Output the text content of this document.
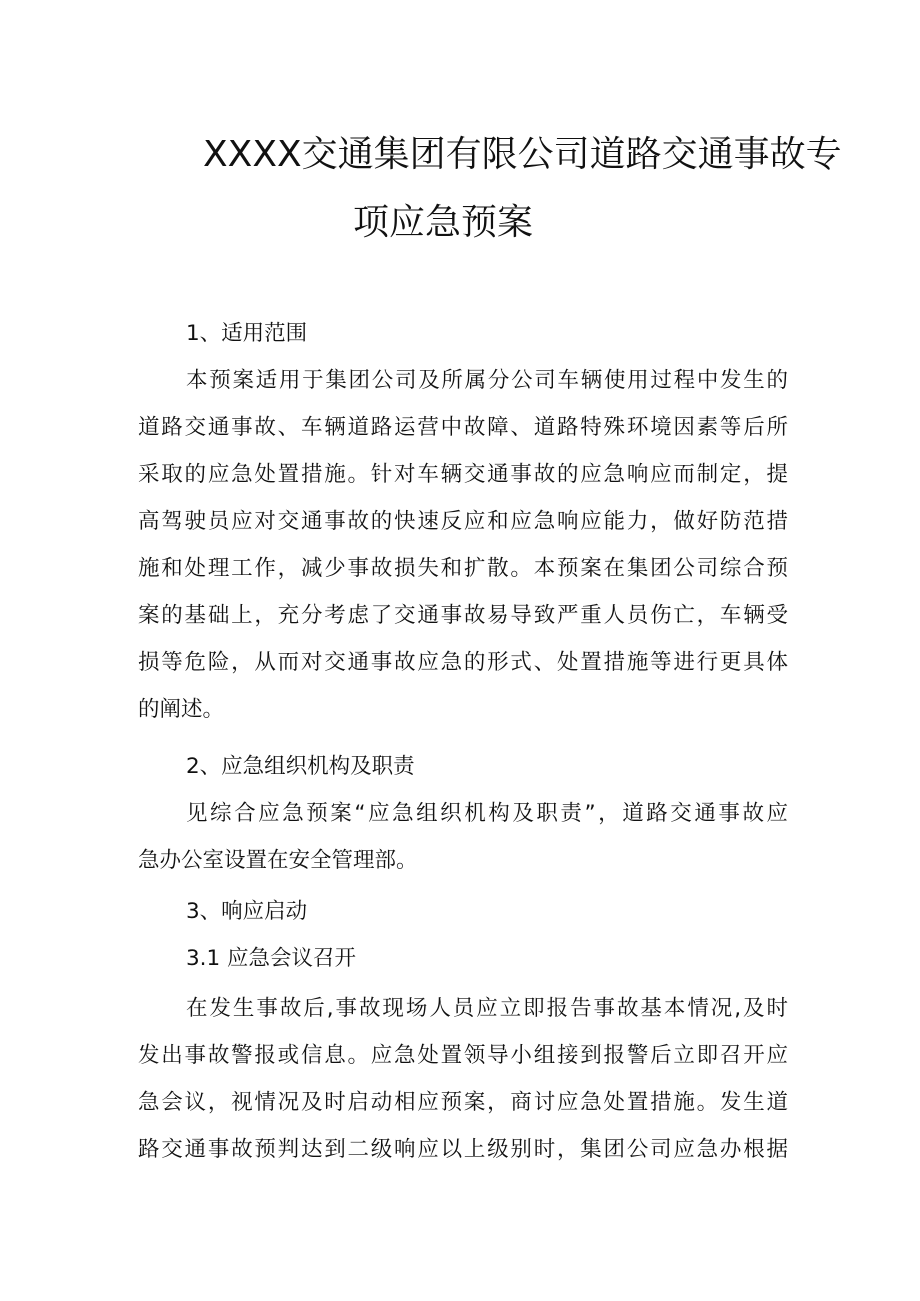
XXXX交通集团有限公司道路交通事故专
项应急预案
1、适用范围
本预案适用于集团公司及所属分公司车辆使用过程中发生的
道路交通事故、车辆道路运营中故障、道路特殊环境因素等后所
采取的应急处置措施。针对车辆交通事故的应急响应而制定，提
高驾驶员应对交通事故的快速反应和应急响应能力，做好防范措
施和处理工作，减少事故损失和扩散。本预案在集团公司综合预
案的基础上，充分考虑了交通事故易导致严重人员伤亡，车辆受
损等危险，从而对交通事故应急的形式、处置措施等进行更具体
的阐述。
2、应急组织机构及职责
见综合应急预案“应急组织机构及职责”，道路交通事故应
急办公室设置在安全管理部。
3、响应启动
3.1 应急会议召开
在发生事故后,事故现场人员应立即报告事故基本情况,及时
发出事故警报或信息。应急处置领导小组接到报警后立即召开应
急会议，视情况及时启动相应预案，商讨应急处置措施。发生道
路交通事故预判达到二级响应以上级别时，集团公司应急办根据
